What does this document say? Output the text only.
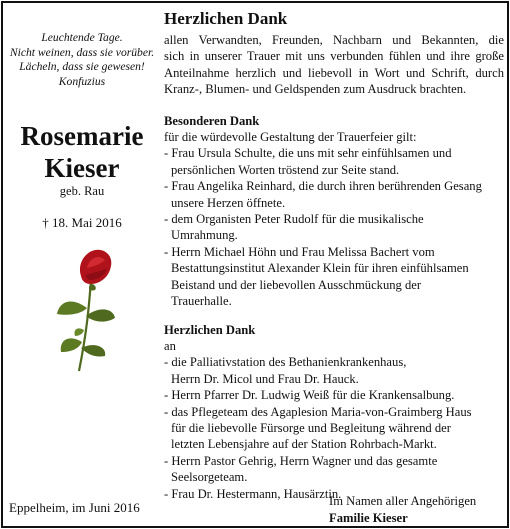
Leuchtende Tage.
Nicht weinen, dass sie vorüber.
Lächeln, dass sie gewesen!
Konfuzius
Rosemarie
Kieser
geb. Rau
† 18. Mai 2016
Eppelheim, im Juni 2016
Herzlichen Dank
allen Verwandten, Freunden, Nachbarn und Bekannten, die
sich in unserer Trauer mit uns verbunden fühlen und ihre große
Anteilnahme herzlich und liebevoll in Wort und Schrift, durch
Kranz-, Blumen- und Geldspenden zum Ausdruck brachten.
Besonderen Dank
für die würdevolle Gestaltung der Trauerfeier gilt:
- Frau Ursula Schulte, die uns mit sehr einfühlsamen und
persönlichen Worten tröstend zur Seite stand.
- Frau Angelika Reinhard, die durch ihren berührenden Gesang
unsere Herzen öffnete.
- dem Organisten Peter Rudolf für die musikalische
Umrahmung.
- Herrn Michael Höhn und Frau Melissa Bachert vom
Bestattungsinstitut Alexander Klein für ihren einfühlsamen
Beistand und der liebevollen Ausschmückung der
Trauerhalle.
Herzlichen Dank
an
- die Palliativstation des Bethanienkrankenhaus,
Herrn Dr. Micol und Frau Dr. Hauck.
- Herrn Pfarrer Dr. Ludwig Weiß für die Krankensalbung.
- das Pflegeteam des Agaplesion Maria-von-Graimberg Haus
für die liebevolle Fürsorge und Begleitung während der
letzten Lebensjahre auf der Station Rohrbach-Markt.
- Herrn Pastor Gehrig, Herrn Wagner und das gesamte
Seelsorgeteam.
- Frau Dr. Hestermann, Hausärztin.
Im Namen aller Angehörigen
Familie Kieser
